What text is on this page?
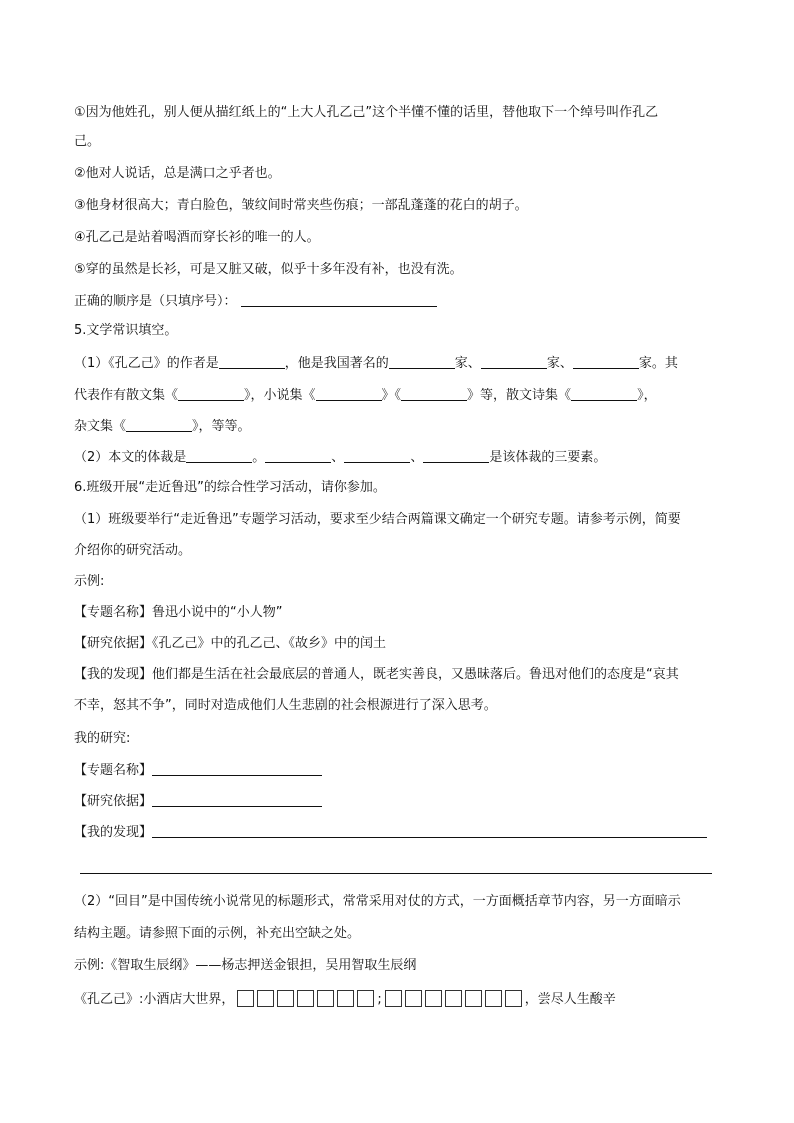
①因为他姓孔，别人便从描红纸上的“上大人孔乙己”这个半懂不懂的话里，替他取下一个绰号叫作孔乙
己。
②他对人说话，总是满口之乎者也。
③他身材很高大；青白脸色，皱纹间时常夹些伤痕；一部乱蓬蓬的花白的胡子。
④孔乙己是站着喝酒而穿长衫的唯一的人。
⑤穿的虽然是长衫，可是又脏又破，似乎十多年没有补，也没有洗。
正确的顺序是（只填序号）：
5.文学常识填空。
（1）《孔乙己》的作者是	，他是我国著名的	家、	家、	家。其
代表作有散文集《	》，小说集《	》《	》等，散文诗集《	》，
杂文集《	》，等等。
（2）本文的体裁是	。	、	、	是该体裁的三要素。
6.班级开展“走近鲁迅”的综合性学习活动，请你参加。
（1）班级要举行“走近鲁迅”专题学习活动，要求至少结合两篇课文确定一个研究专题。请参考示例，简要
介绍你的研究活动。
示例:
【专题名称】鲁迅小说中的“小人物”
【研究依据】《孔乙己》中的孔乙己、《故乡》中的闰土
【我的发现】他们都是生活在社会最底层的普通人，既老实善良，又愚昧落后。鲁迅对他们的态度是“哀其
不幸，怒其不争”，同时对造成他们人生悲剧的社会根源进行了深入思考。
我的研究:
【专题名称】
【研究依据】
【我的发现】
（2）“回目”是中国传统小说常见的标题形式，常常采用对仗的方式，一方面概括章节内容，另一方面暗示
结构主题。请参照下面的示例，补充出空缺之处。
示例:《智取生辰纲》——杨志押送金银担，吴用智取生辰纲
《孔乙己》:小酒店大世界，	;	，尝尽人生酸辛
